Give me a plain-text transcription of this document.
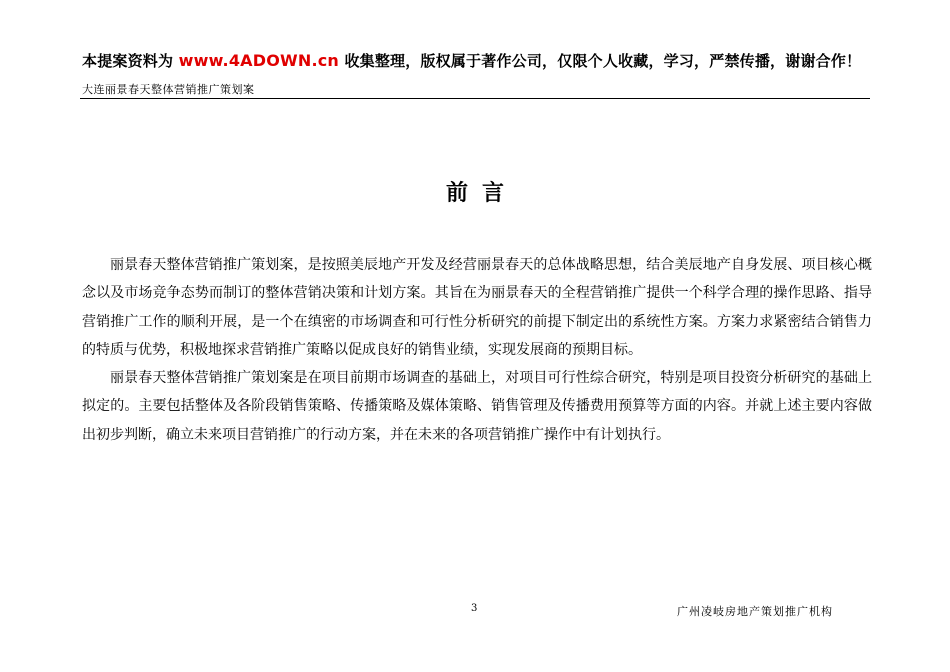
本提案资料为 www.4ADOWN.cn 收集整理，版权属于著作公司，仅限个人收藏，学习，严禁传播，谢谢合作！
大连丽景春天整体营销推广策划案
前言

丽景春天整体营销推广策划案，是按照美辰地产开发及经营丽景春天的总体战略思想，结合美辰地产自身发展、项目核心概念以及市场竞争态势而制订的整体营销决策和计划方案。其旨在为丽景春天的全程营销推广提供一个科学合理的操作思路、指导营销推广工作的顺利开展，是一个在缜密的市场调查和可行性分析研究的前提下制定出的系统性方案。方案力求紧密结合销售力的特质与优势，积极地探求营销推广策略以促成良好的销售业绩，实现发展商的预期目标。

丽景春天整体营销推广策划案是在项目前期市场调查的基础上，对项目可行性综合研究，特别是项目投资分析研究的基础上拟定的。主要包括整体及各阶段销售策略、传播策略及媒体策略、销售管理及传播费用预算等方面的内容。并就上述主要内容做出初步判断，确立未来项目营销推广的行动方案，并在未来的各项营销推广操作中有计划执行。

3	广州凌岐房地产策划推广机构
